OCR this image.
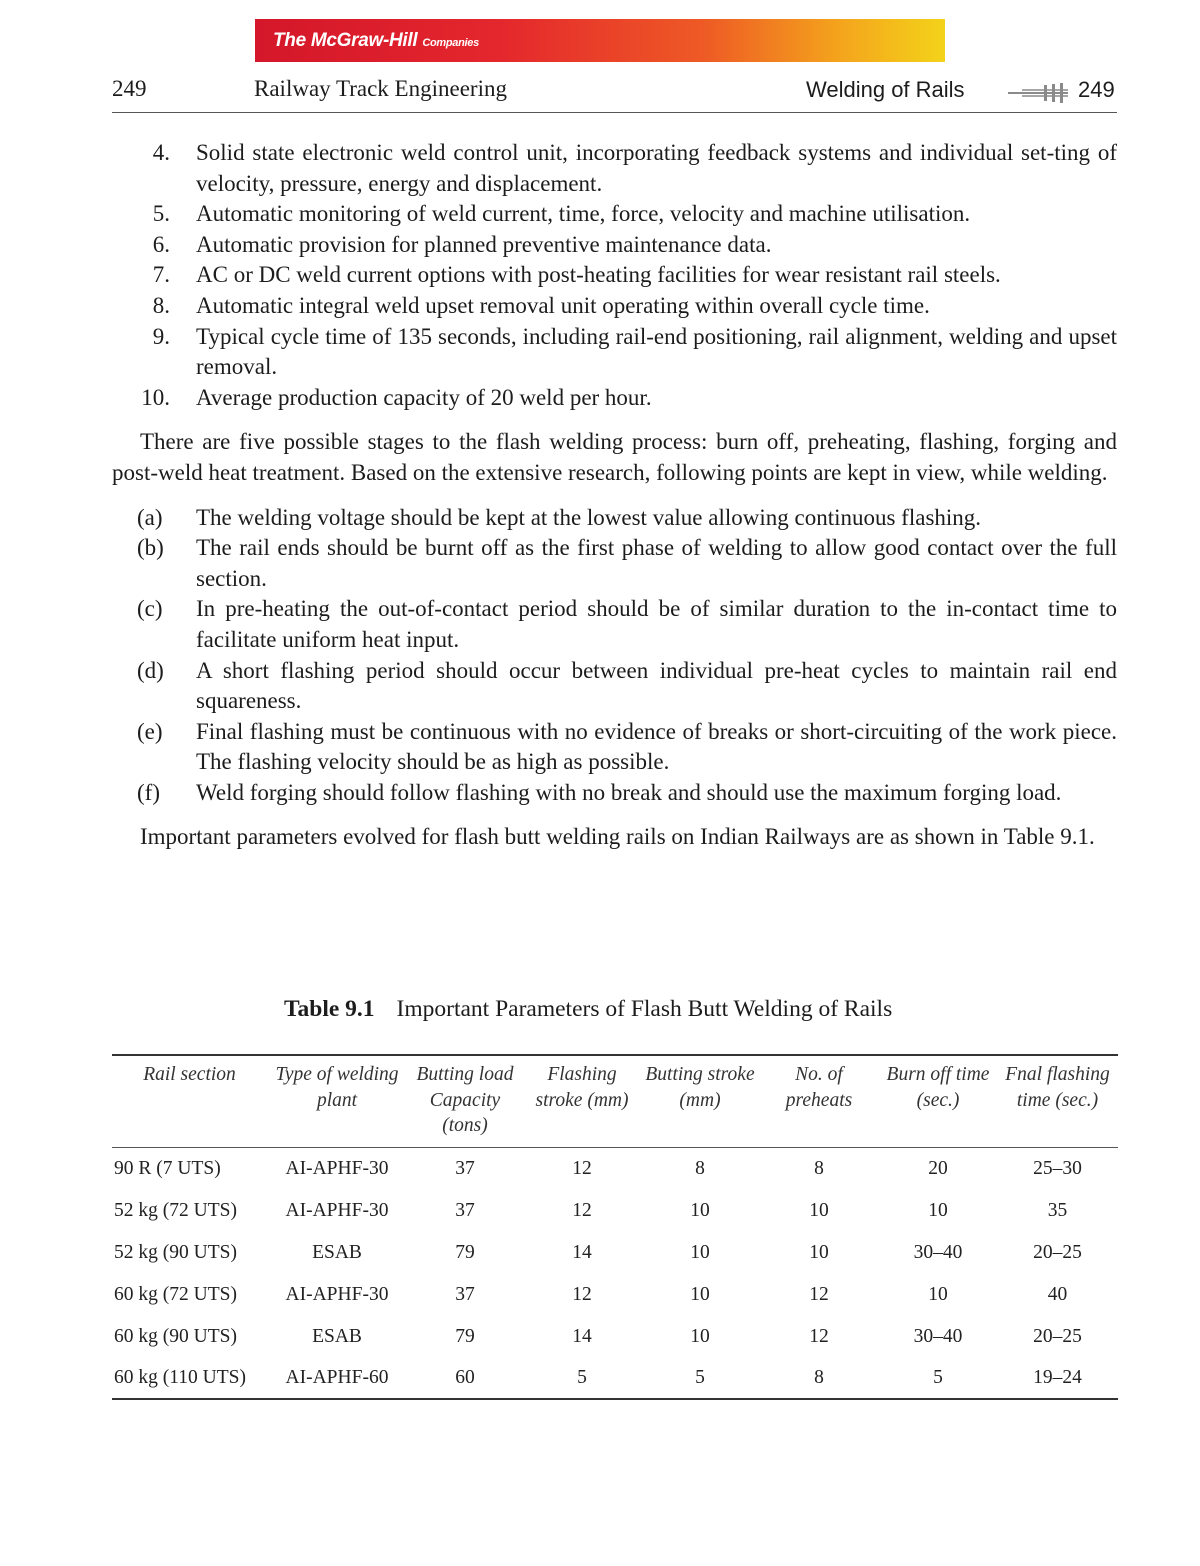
The McGraw-Hill Companies
249	Railway Track Engineering	Welding of Rails	249
4. Solid state electronic weld control unit, incorporating feedback systems and individual set-ting of velocity, pressure, energy and displacement.
5. Automatic monitoring of weld current, time, force, velocity and machine utilisation.
6. Automatic provision for planned preventive maintenance data.
7. AC or DC weld current options with post-heating facilities for wear resistant rail steels.
8. Automatic integral weld upset removal unit operating within overall cycle time.
9. Typical cycle time of 135 seconds, including rail-end positioning, rail alignment, welding and upset removal.
10. Average production capacity of 20 weld per hour.
There are five possible stages to the flash welding process: burn off, preheating, flashing, forging and post-weld heat treatment. Based on the extensive research, following points are kept in view, while welding.
(a) The welding voltage should be kept at the lowest value allowing continuous flashing.
(b) The rail ends should be burnt off as the first phase of welding to allow good contact over the full section.
(c) In pre-heating the out-of-contact period should be of similar duration to the in-contact time to facilitate uniform heat input.
(d) A short flashing period should occur between individual pre-heat cycles to maintain rail end squareness.
(e) Final flashing must be continuous with no evidence of breaks or short-circuiting of the work piece. The flashing velocity should be as high as possible.
(f) Weld forging should follow flashing with no break and should use the maximum forging load.
Important parameters evolved for flash butt welding rails on Indian Railways are as shown in Table 9.1.
Table 9.1 Important Parameters of Flash Butt Welding of Rails
Rail section	Type of welding plant	Butting load Capacity (tons)	Flashing stroke (mm)	Butting stroke (mm)	No. of preheats	Burn off time (sec.)	Fnal flashing time (sec.)
90 R (7 UTS)	AI-APHF-30	37	12	8	8	20	25–30
52 kg (72 UTS)	AI-APHF-30	37	12	10	10	10	35
52 kg (90 UTS)	ESAB	79	14	10	10	30–40	20–25
60 kg (72 UTS)	AI-APHF-30	37	12	10	12	10	40
60 kg (90 UTS)	ESAB	79	14	10	12	30–40	20–25
60 kg (110 UTS)	AI-APHF-60	60	5	5	8	5	19–24
